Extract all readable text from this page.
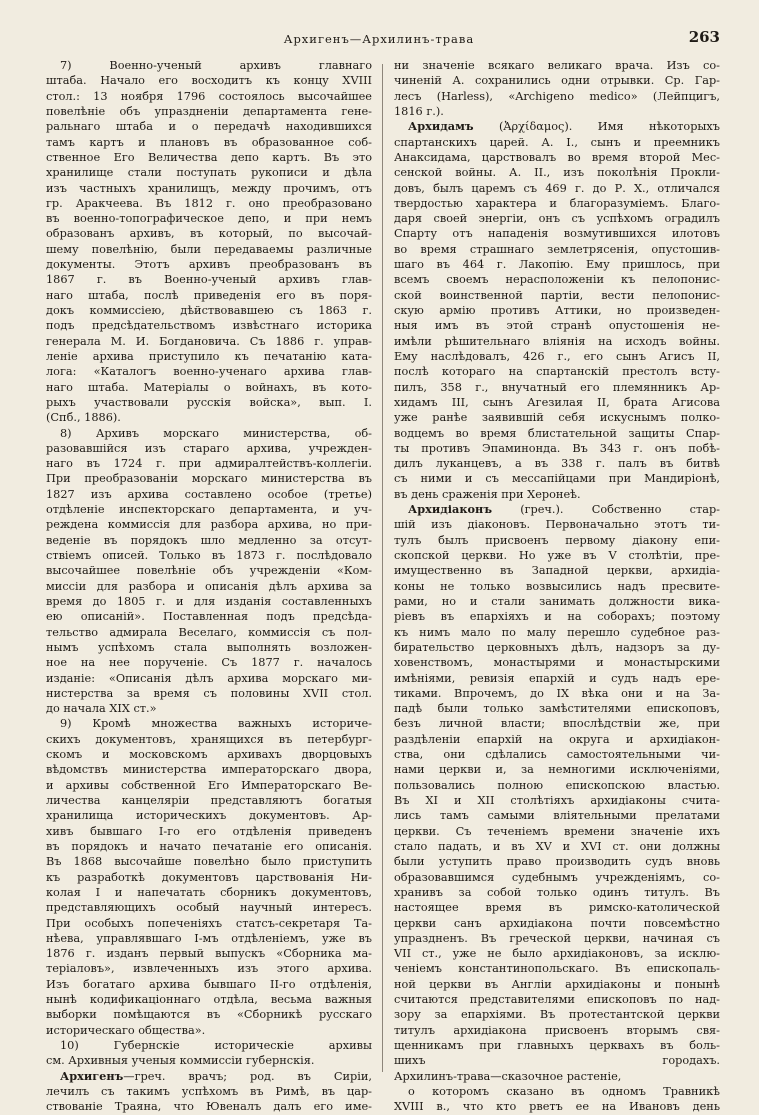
Архигенъ—Архилинъ-трава	263
7) Военно-ученый архивъ главнаго
штаба. Начало его восходитъ къ концу XVIII
стол.: 13 ноября 1796 состоялось высочайшее
повелѣніе объ упраздненіи департамента гене-
ральнаго штаба и о передачѣ находившихся
тамъ картъ и плановъ въ образованное соб-
ственное Его Величества депо картъ. Въ это
хранилище стали поступать рукописи и дѣла
изъ частныхъ хранилищъ, между прочимъ, отъ
гр. Аракчеева. Въ 1812 г. оно преобразовано
въ военно-топографическое депо, и при немъ
образованъ архивъ, въ который, по высочай-
шему повелѣнію, были передаваемы различные
документы. Этотъ архивъ преобразованъ въ
1867 г. въ Военно-ученый архивъ глав-
наго штаба, послѣ приведенія его въ поря-
докъ коммиссіею, дѣйствовавшею съ 1863 г.
подъ предсѣдательствомъ извѣстнаго историка
генерала М. И. Богдановича. Съ 1886 г. управ-
леніе архива приступило къ печатанію ката-
лога: «Каталогъ военно-ученаго архива глав-
наго штаба. Матеріалы о войнахъ, въ кото-
рыхъ участвовали русскія войска», вып. I.
(Спб., 1886).
8) Архивъ морскаго министерства, об-
разовавшійся изъ стараго архива, учрежден-
наго въ 1724 г. при адмиралтействъ-коллегіи.
При преобразованіи морскаго министерства въ
1827 изъ архива составлено особое (третье)
отдѣленіе инспекторскаго департамента, и уч-
реждена коммиссія для разбора архива, но при-
веденіе въ порядокъ шло медленно за отсут-
ствіемъ описей. Только въ 1873 г. послѣдовало
высочайшее повелѣніе объ учрежденіи «Ком-
миссіи для разбора и описанія дѣлъ архива за
время до 1805 г. и для изданія составленныхъ
ею описаній». Поставленная подъ предсѣда-
тельство адмирала Веселаго, коммиссія съ пол-
нымъ успѣхомъ стала выполнять возложен-
ное на нее порученіе. Съ 1877 г. началось
изданіе: «Описанія дѣлъ архива морскаго ми-
нистерства за время съ половины XVII стол.
до начала XIX ст.»
9) Кромѣ множества важныхъ историче-
скихъ документовъ, хранящихся въ петербург-
скомъ и московскомъ архивахъ дворцовыхъ
вѣдомствъ министерства императорскаго двора,
и архивы собственной Его Императорскаго Ве-
личества канцеляріи представляютъ богатыя
хранилища историческихъ документовъ. Ар-
хивъ бывшаго I-го его отдѣленія приведенъ
въ порядокъ и начато печатаніе его описанія.
Въ 1868 высочайше повелѣно было приступить
къ разработкѣ документовъ царствованія Ни-
колая I и напечатать сборникъ документовъ,
представляющихъ особый научный интересъ.
При особыхъ попеченіяхъ статсъ-секретаря Та-
нѣева, управлявшаго I-мъ отдѣленіемъ, уже въ
1876 г. изданъ первый выпускъ «Сборника ма-
теріаловъ», извлеченныхъ изъ этого архива.
Изъ богатаго архива бывшаго II-го отдѣленія,
нынѣ кодификаціоннаго отдѣла, весьма важныя
выборки помѣщаются въ «Сборникѣ русскаго
историческаго общества».
10) Губернскіе историческіе архивы
см. Архивныя ученыя коммиссіи губернскія.
Архигенъ—греч. врачъ; род. въ Сиріи,
лечилъ съ такимъ успѣхомъ въ Римѣ, въ цар-
ствованіе Траяна, что Ювеналъ далъ его име-
ни значеніе всякаго великаго врача. Изъ со-
чиненій А. сохранились одни отрывки. Ср. Гар-
лесъ (Harless), «Archigeno medico» (Лейпцигъ,
1816 г.).
Архидамъ (Ἀρχίδαμος). Имя нѣкоторыхъ
спартанскихъ царей. А. I., сынъ и преемникъ
Анаксидама, царствовалъ во время второй Мес-
сенской войны. А. II., изъ поколѣнія Прокли-
довъ, былъ царемъ съ 469 г. до Р. Х., отличался
твердостью характера и благоразуміемъ. Благо-
даря своей энергіи, онъ съ успѣхомъ оградилъ
Спарту отъ нападенія возмутившихся илотовъ
во время страшнаго землетрясенія, опустошив-
шаго въ 464 г. Лакопію. Ему пришлось, при
всемъ своемъ нерасположеніи къ пелопонис-
ской воинственной партіи, вести пелопонис-
скую армію противъ Аттики, но произведен-
ныя имъ въ этой странѣ опустошенія не-
имѣли рѣшительнаго вліянія на исходъ войны.
Ему наслѣдовалъ, 426 г., его сынъ Агисъ II,
послѣ котораго на спартанскій престолъ всту-
пилъ, 358 г., внучатный его племянникъ Ар-
хидамъ III, сынъ Агезилая II, брата Агисова
уже ранѣе заявившій себя искуснымъ полко-
водцемъ во время блистательной защиты Спар-
ты противъ Эпаминонда. Въ 343 г. онъ побѣ-
дилъ луканцевъ, а въ 338 г. палъ въ битвѣ
съ ними и съ мессапійцами при Мандиріонѣ,
въ день сраженія при Херонеѣ.
Архидіаконъ (греч.). Собственно стар-
шій изъ діаконовъ. Первоначально этотъ ти-
тулъ былъ присвоенъ первому діакону епи-
скопской церкви. Но уже въ V столѣтіи, пре-
имущественно въ Западной церкви, архидіа-
коны не только возвысились надъ пресвите-
рами, но и стали занимать должности вика-
ріевъ въ епархіяхъ и на соборахъ; поэтому
къ нимъ мало по малу перешло судебное раз-
бирательство церковныхъ дѣлъ, надзоръ за ду-
ховенствомъ, монастырями и монастырскими
имѣніями, ревизія епархій и судъ надъ ере-
тиками. Впрочемъ, до IX вѣка они и на За-
падѣ были только замѣстителями епископовъ,
безъ личной власти; впослѣдствіи же, при
раздѣленіи епархій на округа и архидіакон-
ства, они сдѣлались самостоятельными чи-
нами церкви и, за немногими исключеніями,
пользовались полною епископскою властью.
Въ XI и XII столѣтіяхъ архидіаконы счита-
лись тамъ самыми вліятельными прелатами
церкви. Съ теченіемъ времени значеніе ихъ
стало падать, и въ XV и XVI ст. они должны
были уступить право производить судъ вновь
образовавшимся судебнымъ учрежденіямъ, со-
хранивъ за собой только одинъ титулъ. Въ
настоящее время въ римско-католической
церкви санъ архидіакона почти повсемѣстно
упраздненъ. Въ греческой церкви, начиная съ
VII ст., уже не было архидіаконовъ, за исклю-
ченіемъ константинопольскаго. Въ епископаль-
ной церкви въ Англіи архидіаконы и понынѣ
считаются представителями епископовъ по над-
зору за епархіями. Въ протестантской церкви
титулъ архидіакона присвоенъ вторымъ свя-
щенникамъ при главныхъ церквахъ въ боль-
шихъ городахъ.
Архилинъ-трава—сказочное растеніе,
о которомъ сказано въ одномъ Травникѣ
XVIII в., что кто рветъ ее на Ивановъ день
